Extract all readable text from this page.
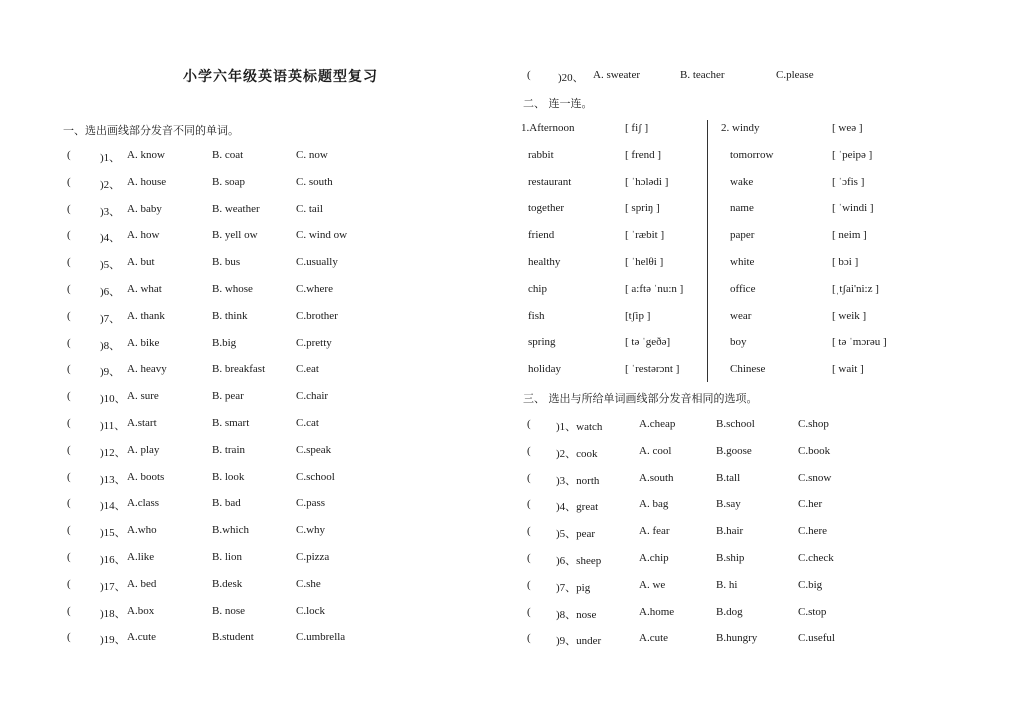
小学六年级英语英标题型复习
一、选出画线部分发音不同的单词。
(	)1、 A. know	B. coat	C. now
(	)2、 A. house	B. soap	C. south
(	)3、 A. baby	B. weather	C. tail
(	)4、 A. how	B. yell ow	C. wind ow
(	)5、 A. but	B. bus	C.usually
(	)6、 A. what	B. whose	C.where
(	)7、 A. thank	B. think	C.brother
(	)8、 A. bike	B.big	C.pretty
(	)9、 A. heavy	B. breakfast	C.eat
(	)10、 A. sure	B. pear	C.chair
(	)11、 A.start	B. smart	C.cat
(	)12、 A. play	B. train	C.speak
(	)13、 A. boots	B. look	C.school
(	)14、 A.class	B. bad	C.pass
(	)15、 A.who	B.which	C.why
(	)16、 A.like	B. lion	C.pizza
(	)17、 A. bed	B.desk	C.she
(	)18、 A.box	B. nose	C.lock
(	)19、 A.cute	B.student	C.umbrella
( )20、 A. sweater	B. teacher	C.please
二、 连一连。
1.Afternoon	[ fiʃ ]	2. windy	[ weə ]
rabbit	[ frend ]	tomorrow	[ ˈpeipə ]
restaurant	[ ˈhɔlədi ]	wake	[ ˈɔfis ]
together	[ spriŋ ]	name	[ ˈwindi ]
friend	[ ˈræbit ]	paper	[ neim ]
healthy	[ ˈhelθi ]	white	[ bɔi ]
chip	[ a:ftə ˈnu:n ]	office	[ˌtʃai'ni:z ]
fish	[tʃip ]	wear	[ weik ]
spring	[ tə ˈgeðə]	boy	[ tə ˈmɔrəu ]
holiday	[ ˈrestərɔnt ]	Chinese	[ wait ]
三、 选出与所给单词画线部分发音相同的选项。
( )1、watch	A.cheap	B.school	C.shop
( )2、cook	A. cool	B.goose	C.book
( )3、north	A.south	B.tall	C.snow
( )4、great	A. bag	B.say	C.her
( )5、pear	A. fear	B.hair	C.here
( )6、sheep	A.chip	B.ship	C.check
( )7、pig	A. we	B. hi	C.big
( )8、nose	A.home	B.dog	C.stop
( )9、under	A.cute	B.hungry	C.useful
